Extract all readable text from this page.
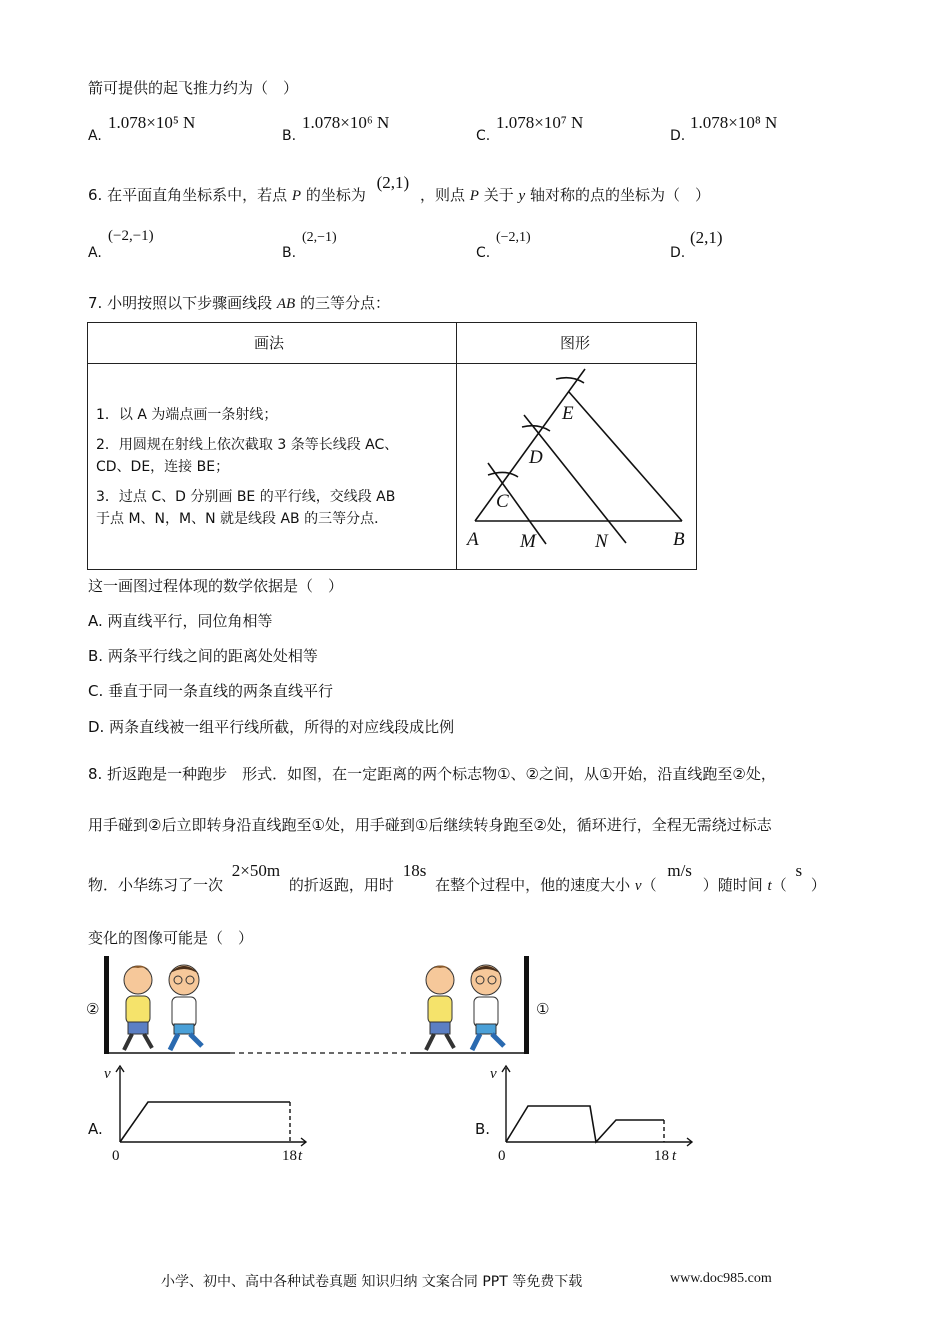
箭可提供的起飞推力约为（　）
A.
1.078×10⁵ N
B.
1.078×10⁶ N
C.
1.078×10⁷ N
D.
1.078×10⁸ N
6. 在平面直角坐标系中，若点 P 的坐标为 (2,1) ，则点 P 关于 y 轴对称的点的坐标为（　）
A.
(−2,−1)
B.
(2,−1)
C.
(−2,1)
D.
(2,1)
7. 小明按照以下步骤画线段 AB 的三等分点：
画法	图形
1．以 A 为端点画一条射线；
2．用圆规在射线上依次截取 3 条等长线段 AC、
CD、DE，连接 BE；
3．过点 C、D 分别画 BE 的平行线，交线段 AB
于点 M、N，M、N 就是线段 AB 的三等分点．
E
D
C
A M	N	B
这一画图过程体现的数学依据是（　）
A. 两直线平行，同位角相等
B. 两条平行线之间的距离处处相等
C. 垂直于同一条直线的两条直线平行
D. 两条直线被一组平行线所截，所得的对应线段成比例
8. 折返跑是一种跑步　形式．如图，在一定距离的两个标志物①、②之间，从①开始，沿直线跑至②处，
用手碰到②后立即转身沿直线跑至①处，用手碰到①后继续转身跑至②处，循环进行，全程无需绕过标志
物．小华练习了一次 2×50m 的折返跑，用时 18s 在整个过程中，他的速度大小 v（ m/s ）随时间 t（ s ）
变化的图像可能是（　）
②	①
A.
v
0	18 t
B.
v
0	18 t
小学、初中、高中各种试卷真题 知识归纳 文案合同 PPT 等免费下载	www.doc985.com
